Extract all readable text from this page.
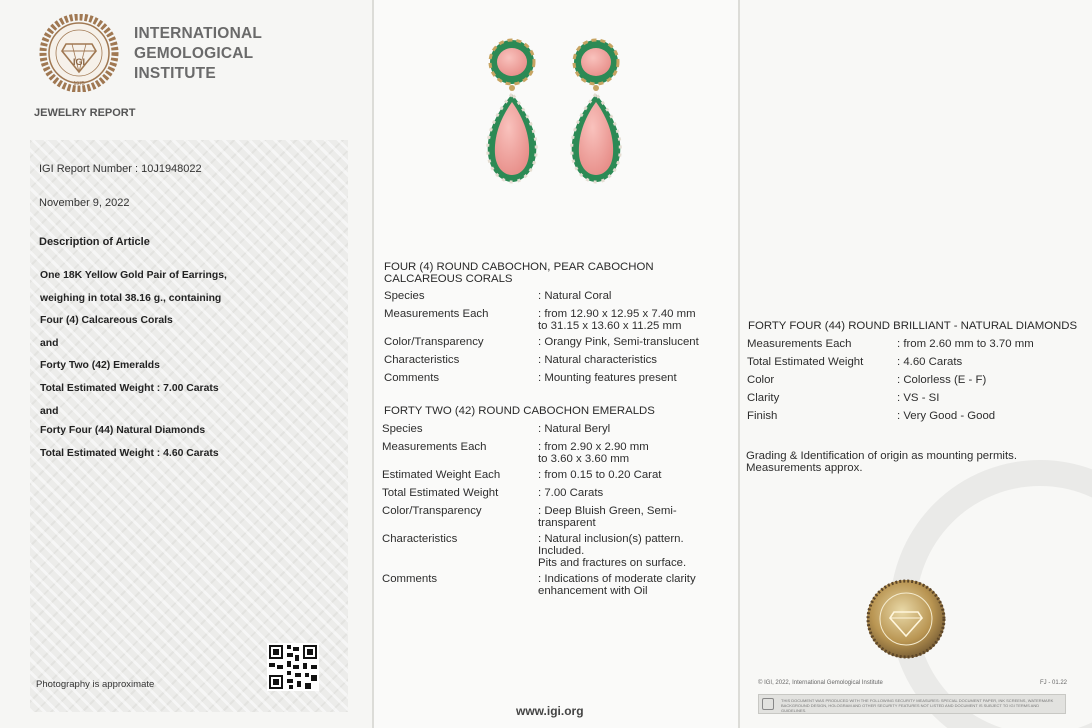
IGI
1975
INTERNATIONAL
GEMOLOGICAL
INSTITUTE
JEWELRY REPORT
IGI Report Number : 10J1948022
November 9, 2022
Description of Article
One 18K Yellow Gold Pair of Earrings,
weighing in total 38.16 g., containing
Four (4) Calcareous Corals
and
Forty Two (42) Emeralds
Total Estimated Weight : 7.00 Carats
and
Forty Four (44) Natural Diamonds
Total Estimated Weight : 4.60 Carats
Photography is approximate
FOUR (4) ROUND CABOCHON, PEAR CABOCHON
CALCAREOUS CORALS
Species	: Natural Coral
Measurements Each	: from 12.90 x 12.95 x 7.40 mm
to 31.15 x 13.60 x 11.25 mm
Color/Transparency	: Orangy Pink, Semi-translucent
Characteristics	: Natural characteristics
Comments	: Mounting features present
FORTY TWO (42) ROUND CABOCHON EMERALDS
Species	: Natural Beryl
Measurements Each	: from 2.90 x 2.90 mm
to 3.60 x 3.60 mm
Estimated Weight Each	: from 0.15 to 0.20 Carat
Total Estimated Weight	: 7.00 Carats
Color/Transparency	: Deep Bluish Green, Semi-
transparent
Characteristics	: Natural inclusion(s) pattern.
Included.
Pits and fractures on surface.
Comments	: Indications of moderate clarity
enhancement with Oil
www.igi.org
FORTY FOUR (44) ROUND BRILLIANT - NATURAL DIAMONDS
Measurements Each	: from 2.60 mm to 3.70 mm
Total Estimated Weight	: 4.60 Carats
Color	: Colorless (E - F)
Clarity	: VS - SI
Finish	: Very Good - Good
Grading & Identification of origin as mounting permits.
Measurements approx.
© IGI, 2022, International Gemological Institute	FJ - 01.22
THIS DOCUMENT WAS PRODUCED WITH THE FOLLOWING SECURITY MEASURES: SPECIAL DOCUMENT PAPER, INK SCREENS, WATERMARK BACKGROUND DESIGN, HOLOGRAM AND OTHER SECURITY FEATURES NOT LISTED AND DOCUMENT IS SUBJECT TO IGI TERMS AND GUIDELINES.
